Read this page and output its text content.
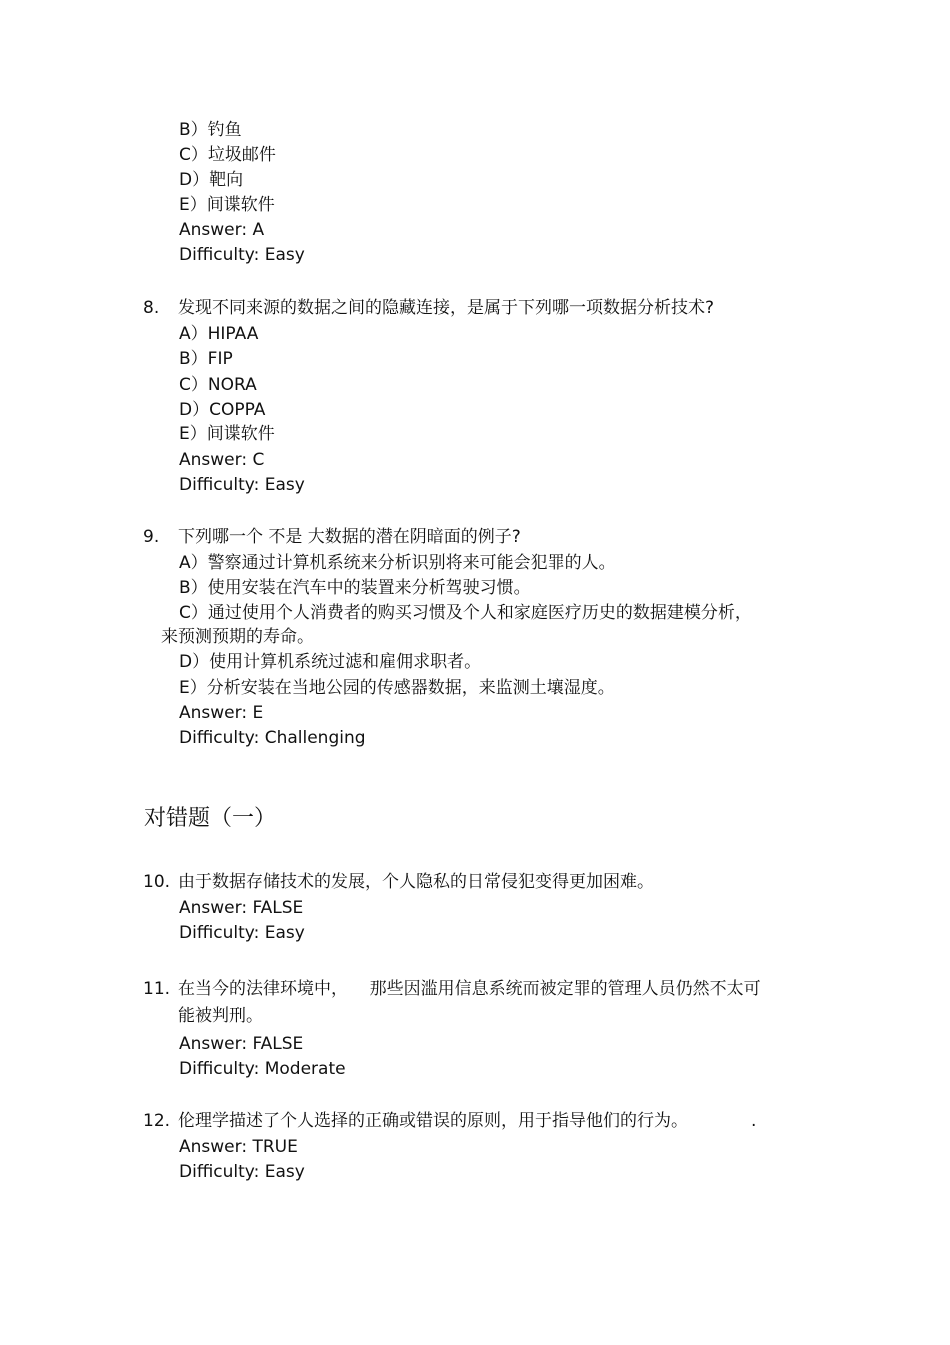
B）钓鱼
C）垃圾邮件
D）靶向
E）间谍软件
Answer: A
Difficulty: Easy
8. 发现不同来源的数据之间的隐藏连接，是属于下列哪一项数据分析技术?
A）HIPAA
B）FIP
C）NORA
D）COPPA
E）间谍软件
Answer: C
Difficulty: Easy
9. 下列哪一个 不是 大数据的潜在阴暗面的例子?
A）警察通过计算机系统来分析识别将来可能会犯罪的人。
B）使用安装在汽车中的装置来分析驾驶习惯。
C）通过使用个人消费者的购买习惯及个人和家庭医疗历史的数据建模分析，
来预测预期的寿命。
D）使用计算机系统过滤和雇佣求职者。
E）分析安装在当地公园的传感器数据，来监测土壤湿度。
Answer: E
Difficulty: Challenging
对错题（一）
10. 由于数据存储技术的发展，个人隐私的日常侵犯变得更加困难。
Answer: FALSE
Difficulty: Easy
11. 在当今的法律环境中，    那些因滥用信息系统而被定罪的管理人员仍然不太可
能被判刑。
Answer: FALSE
Difficulty: Moderate
12. 伦理学描述了个人选择的正确或错误的原则，用于指导他们的行为。	.
Answer: TRUE
Difficulty: Easy
